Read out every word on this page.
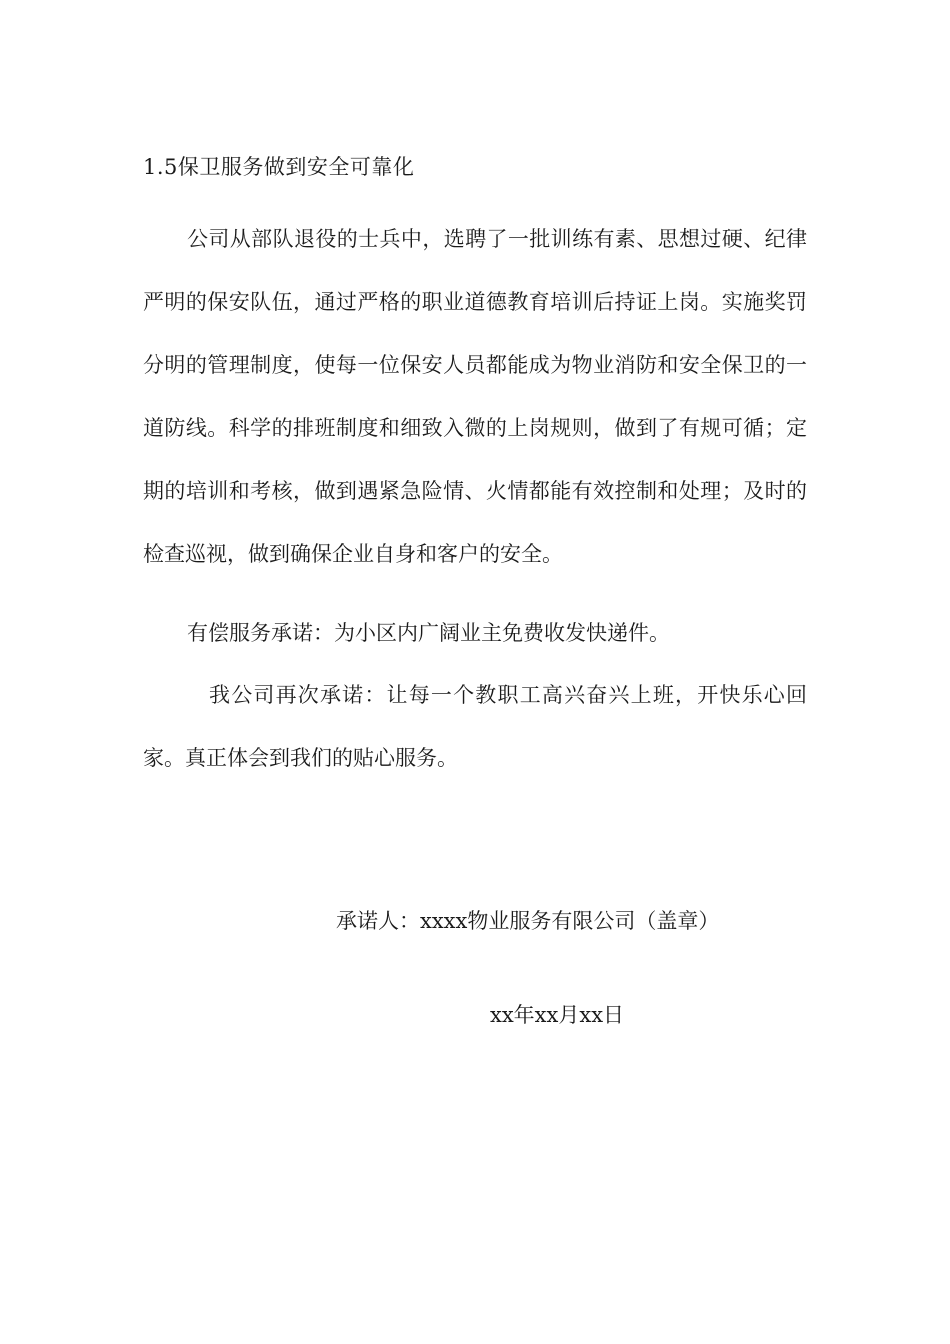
1.5保卫服务做到安全可靠化

公司从部队退役的士兵中，选聘了一批训练有素、思想过硬、纪律严明的保安队伍，通过严格的职业道德教育培训后持证上岗。实施奖罚分明的管理制度，使每一位保安人员都能成为物业消防和安全保卫的一道防线。科学的排班制度和细致入微的上岗规则，做到了有规可循；定期的培训和考核，做到遇紧急险情、火情都能有效控制和处理；及时的检查巡视，做到确保企业自身和客户的安全。

有偿服务承诺：为小区内广阔业主免费收发快递件。

我公司再次承诺：让每一个教职工高兴奋兴上班，开快乐心回家。真正体会到我们的贴心服务。

承诺人：xxxx物业服务有限公司（盖章）
xx年xx月xx日
